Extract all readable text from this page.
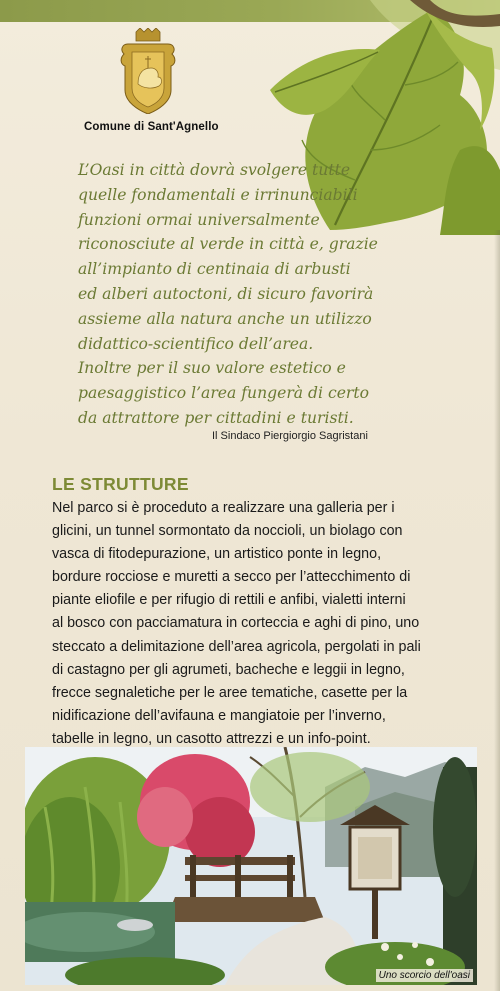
Comune di Sant'Agnello

L’Oasi in città dovrà svolgere tutte
quelle fondamentali e irrinunciabili
funzioni ormai universalmente
riconosciute al verde in città e, grazie
all’impianto di centinaia di arbusti
ed alberi autoctoni, di sicuro favorirà
assieme alla natura anche un utilizzo
didattico-scientifico dell’area.
Inoltre per il suo valore estetico e
paesaggistico l’area fungerà di certo
da attrattore per cittadini e turisti.

Il Sindaco Piergiorgio Sagristani
LE STRUTTURE

Nel parco si è proceduto a realizzare una galleria per i
glicini, un tunnel sormontato da noccioli, un biolago con
vasca di fitodepurazione, un artistico ponte in legno,
bordure rocciose e muretti a secco per l’attecchimento di
piante eliofile e per rifugio di rettili e anfibi, vialetti interni
al bosco con pacciamatura in corteccia e aghi di pino, uno
steccato a delimitazione dell’area agricola, pergolati in pali
di castagno per gli agrumeti, bacheche e leggii in legno,
frecce segnaletiche per le aree tematiche, casette per la
nidificazione dell’avifauna e mangiatoie per l’inverno,
tabelle in legno, un casotto attrezzi e un info-point.

Uno scorcio dell'oasi
